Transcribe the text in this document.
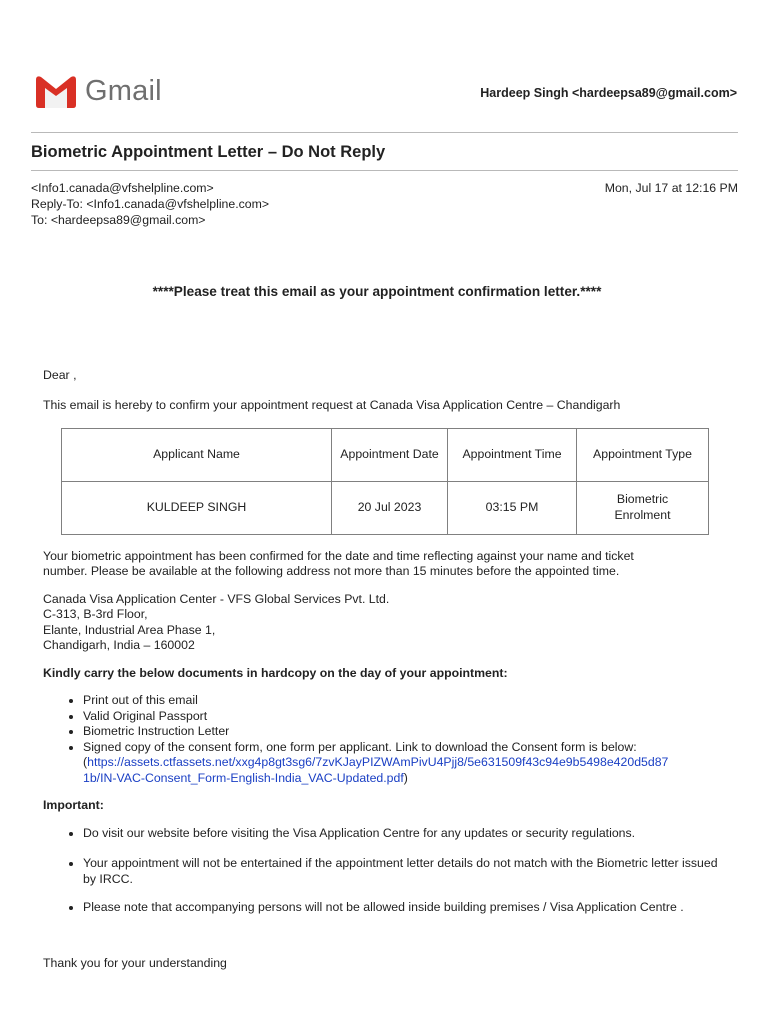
Gmail	Hardeep Singh <hardeepsa89@gmail.com>
Biometric Appointment Letter – Do Not Reply
<Info1.canada@vfshelpline.com>
Reply-To: <Info1.canada@vfshelpline.com>
To: <hardeepsa89@gmail.com>
Mon, Jul 17 at 12:16 PM
****Please treat this email as your appointment confirmation letter.****

Dear ,

This email is hereby to confirm your appointment request at Canada Visa Application Centre – Chandigarh

Applicant Name	Appointment Date	Appointment Time	Appointment Type
KULDEEP SINGH	20 Jul 2023	03:15 PM	Biometric Enrolment
Your biometric appointment has been confirmed for the date and time reflecting against your name and ticket
number. Please be available at the following address not more than 15 minutes before the appointed time.
Canada Visa Application Center - VFS Global Services Pvt. Ltd.
C-313, B-3rd Floor,
Elante, Industrial Area Phase 1,
Chandigarh, India – 160002
Kindly carry the below documents in hardcopy on the day of your appointment:
• Print out of this email
• Valid Original Passport
• Biometric Instruction Letter
• Signed copy of the consent form, one form per applicant. Link to download the Consent form is below:
(https://assets.ctfassets.net/xxg4p8gt3sg6/7zvKJayPIZWAmPivU4Pjj8/5e631509f43c94e9b5498e420d5d87
1b/IN-VAC-Consent_Form-English-India_VAC-Updated.pdf)
Important:
• Do visit our website before visiting the Visa Application Centre for any updates or security regulations.
• Your appointment will not be entertained if the appointment letter details do not match with the Biometric letter issued by IRCC.
• Please note that accompanying persons will not be allowed inside building premises / Visa Application Centre .

Thank you for your understanding
